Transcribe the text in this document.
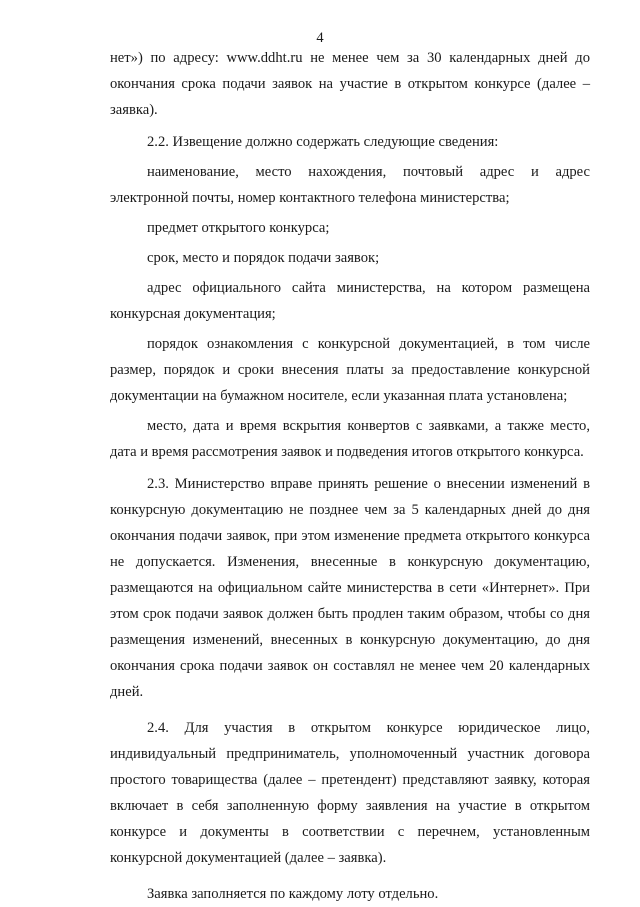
4

нет») по адресу: www.ddht.ru не менее чем за 30 календарных дней до окончания срока подачи заявок на участие в открытом конкурсе (далее – заявка).

2.2. Извещение должно содержать следующие сведения:

наименование, место нахождения, почтовый адрес и адрес электронной почты, номер контактного телефона министерства;

предмет открытого конкурса;

срок, место и порядок подачи заявок;

адрес официального сайта министерства, на котором размещена конкурсная документация;

порядок ознакомления с конкурсной документацией, в том числе размер, порядок и сроки внесения платы за предоставление конкурсной документации на бумажном носителе, если указанная плата установлена;

место, дата и время вскрытия конвертов с заявками, а также место, дата и время рассмотрения заявок и подведения итогов открытого конкурса.

2.3. Министерство вправе принять решение о внесении изменений в конкурсную документацию не позднее чем за 5 календарных дней до дня окончания подачи заявок, при этом изменение предмета открытого конкурса не допускается. Изменения, внесенные в конкурсную документацию, размещаются на официальном сайте министерства в сети «Интернет». При этом срок подачи заявок должен быть продлен таким образом, чтобы со дня размещения изменений, внесенных в конкурсную документацию, до дня окончания срока подачи заявок он составлял не менее чем 20 календарных дней.

2.4. Для участия в открытом конкурсе юридическое лицо, индивидуальный предприниматель, уполномоченный участник договора простого товарищества (далее – претендент) представляют заявку, которая включает в себя заполненную форму заявления на участие в открытом конкурсе и документы в соответствии с перечнем, установленным конкурсной документацией (далее – заявка).

Заявка заполняется по каждому лоту отдельно.
